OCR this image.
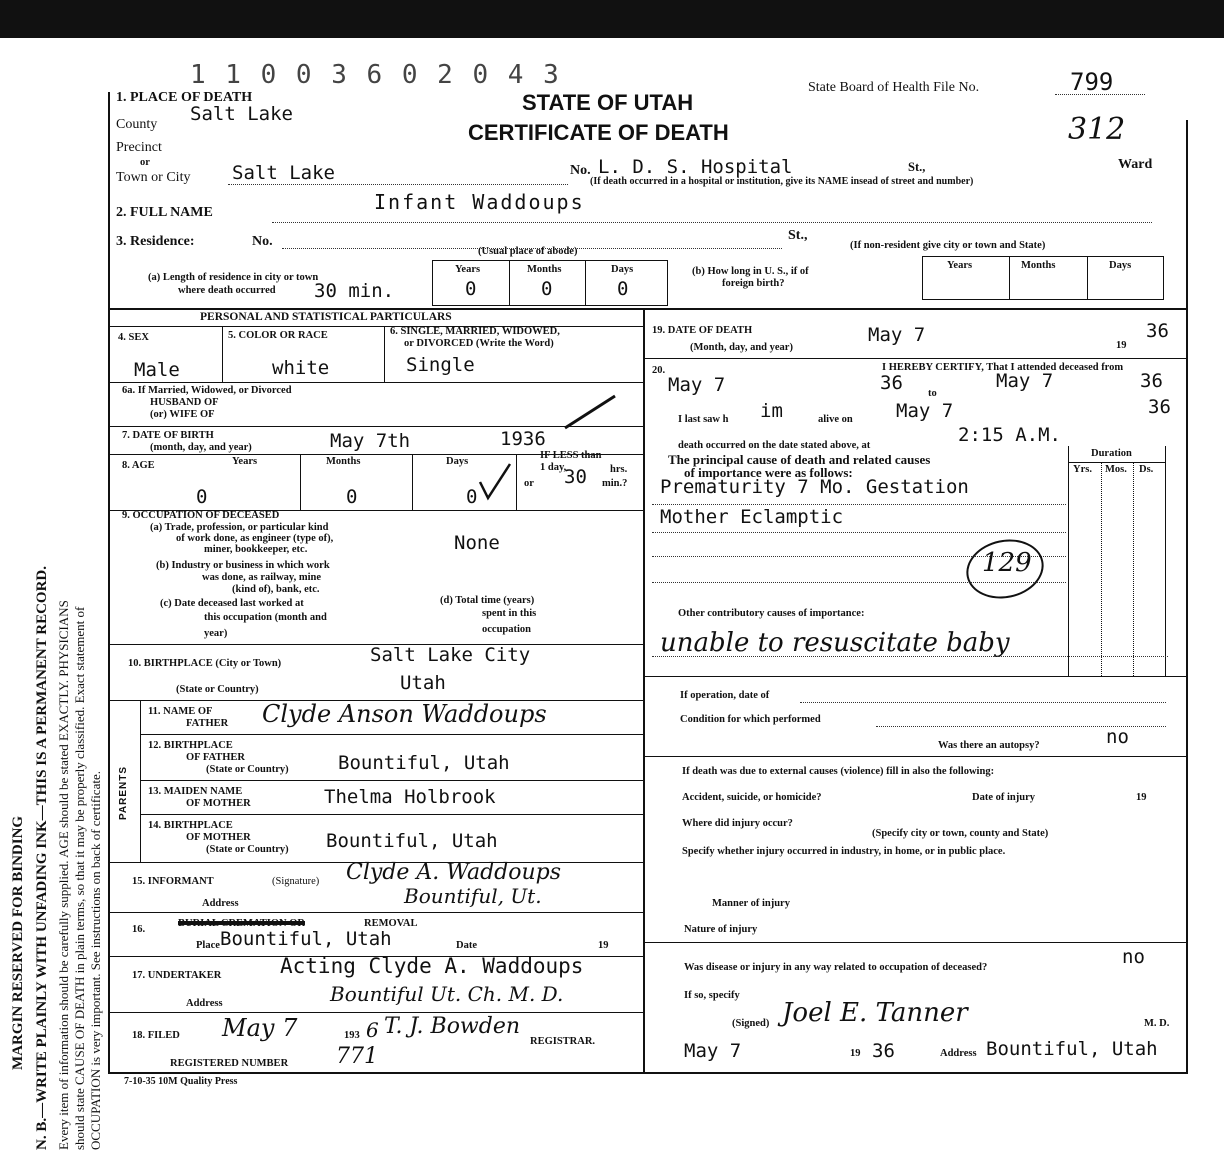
MARGIN RESERVED FOR BINDING N. B.—WRITE PLAINLY WITH UNFADING INK—THIS IS A PERMANENT RECORD. Every item of information should be carefully supplied. AGE should be stated EXACTLY. PHYSICIANS should state CAUSE OF DEATH in plain terms, so that it may be properly classified. Exact statement of OCCUPATION is very important. See instructions on back of certificate.
1 1 0 0 3 6 0 2 0 4 3
STATE OF UTAH
CERTIFICATE OF DEATH
State Board of Health File No.	799
312
1. PLACE OF DEATH
County Salt Lake
Precinct
or
Town or City Salt Lake	No. L. D. S. Hospital	St.,	Ward
(If death occurred in a hospital or institution, give its NAME insead of street and number)
2. FULL NAME	Infant Waddoups
3. Residence:	No.	St.,
(Usual place of abode)
(If non-resident give city or town and State)
(a) Length of residence in city or town
where death occurred 30 min.
Years	Months	Days
0	0	0
(b) How long in U. S., if of
foreign birth?
Years	Months	Days
PERSONAL AND STATISTICAL PARTICULARS
4. SEX	5. COLOR OR RACE	6. SINGLE, MARRIED, WIDOWED,
or DIVORCED (Write the Word)
Male	white	Single
6a. If Married, Widowed, or Divorced
HUSBAND OF
(or) WIFE OF
7. DATE OF BIRTH
(month, day, and year)	May 7th	1936
8. AGE	Years	Months	Days
IF LESS than
1 day,	hrs.
or 30 min.?
0	0	0
9. OCCUPATION OF DECEASED
(a) Trade, profession, or particular kind
of work done, as engineer (type of),
miner, bookkeeper, etc.	None
(b) Industry or business in which work
was done, as railway, mine
(kind of), bank, etc.
(c) Date deceased last worked at
this occupation (month and
year)
(d) Total time (years)
spent in this
occupation
10. BIRTHPLACE (City or Town)	Salt Lake City
(State or Country)	Utah
PARENTS
11. NAME OF
FATHER Clyde Anson Waddoups
12. BIRTHPLACE
OF FATHER
(State or Country)	Bountiful, Utah
13. MAIDEN NAME
OF MOTHER	Thelma Holbrook
14. BIRTHPLACE
OF MOTHER
(State or Country) Bountiful, Utah
15. INFORMANT	(Signature) Clyde A. Waddoups
Address	Bountiful, Ut.
16.
BURIAL CREMATION OR	REMOVAL
Place Bountiful, Utah	Date	19
17. UNDERTAKER	Acting Clyde A. Waddoups
Address	Bountiful Ut. Ch. M. D.
18. FILED May 7	193 6 T. J. Bowden
REGISTRAR.
REGISTERED NUMBER 771
19. DATE OF DEATH
(Month, day, and year)
May 7	19
36
20.	I HEREBY CERTIFY, That I attended deceased from
May 7	36 to
May 7	36
I last saw h im	alive on May 7	36
death occurred on the date stated above, at	2:15 A.M.
The principal cause of death and related causes
of importance were as follows:
Duration
Yrs. Mos. Ds.
Prematurity 7 Mo. Gestation
Mother Eclamptic
129
Other contributory causes of importance:
unable to resuscitate baby
If operation, date of
Condition for which performed
Was there an autopsy?	no
If death was due to external causes (violence) fill in also the following:
Accident, suicide, or homicide?	Date of injury	19
Where did injury occur?
(Specify city or town, county and State)
Specify whether injury occurred in industry, in home, or in public place.
Manner of injury
Nature of injury
Was disease or injury in any way related to occupation of deceased?	no
If so, specify
(Signed) Joel E. Tanner	M. D.
May 7	19 36	Address Bountiful, Utah
7-10-35 10M Quality Press
